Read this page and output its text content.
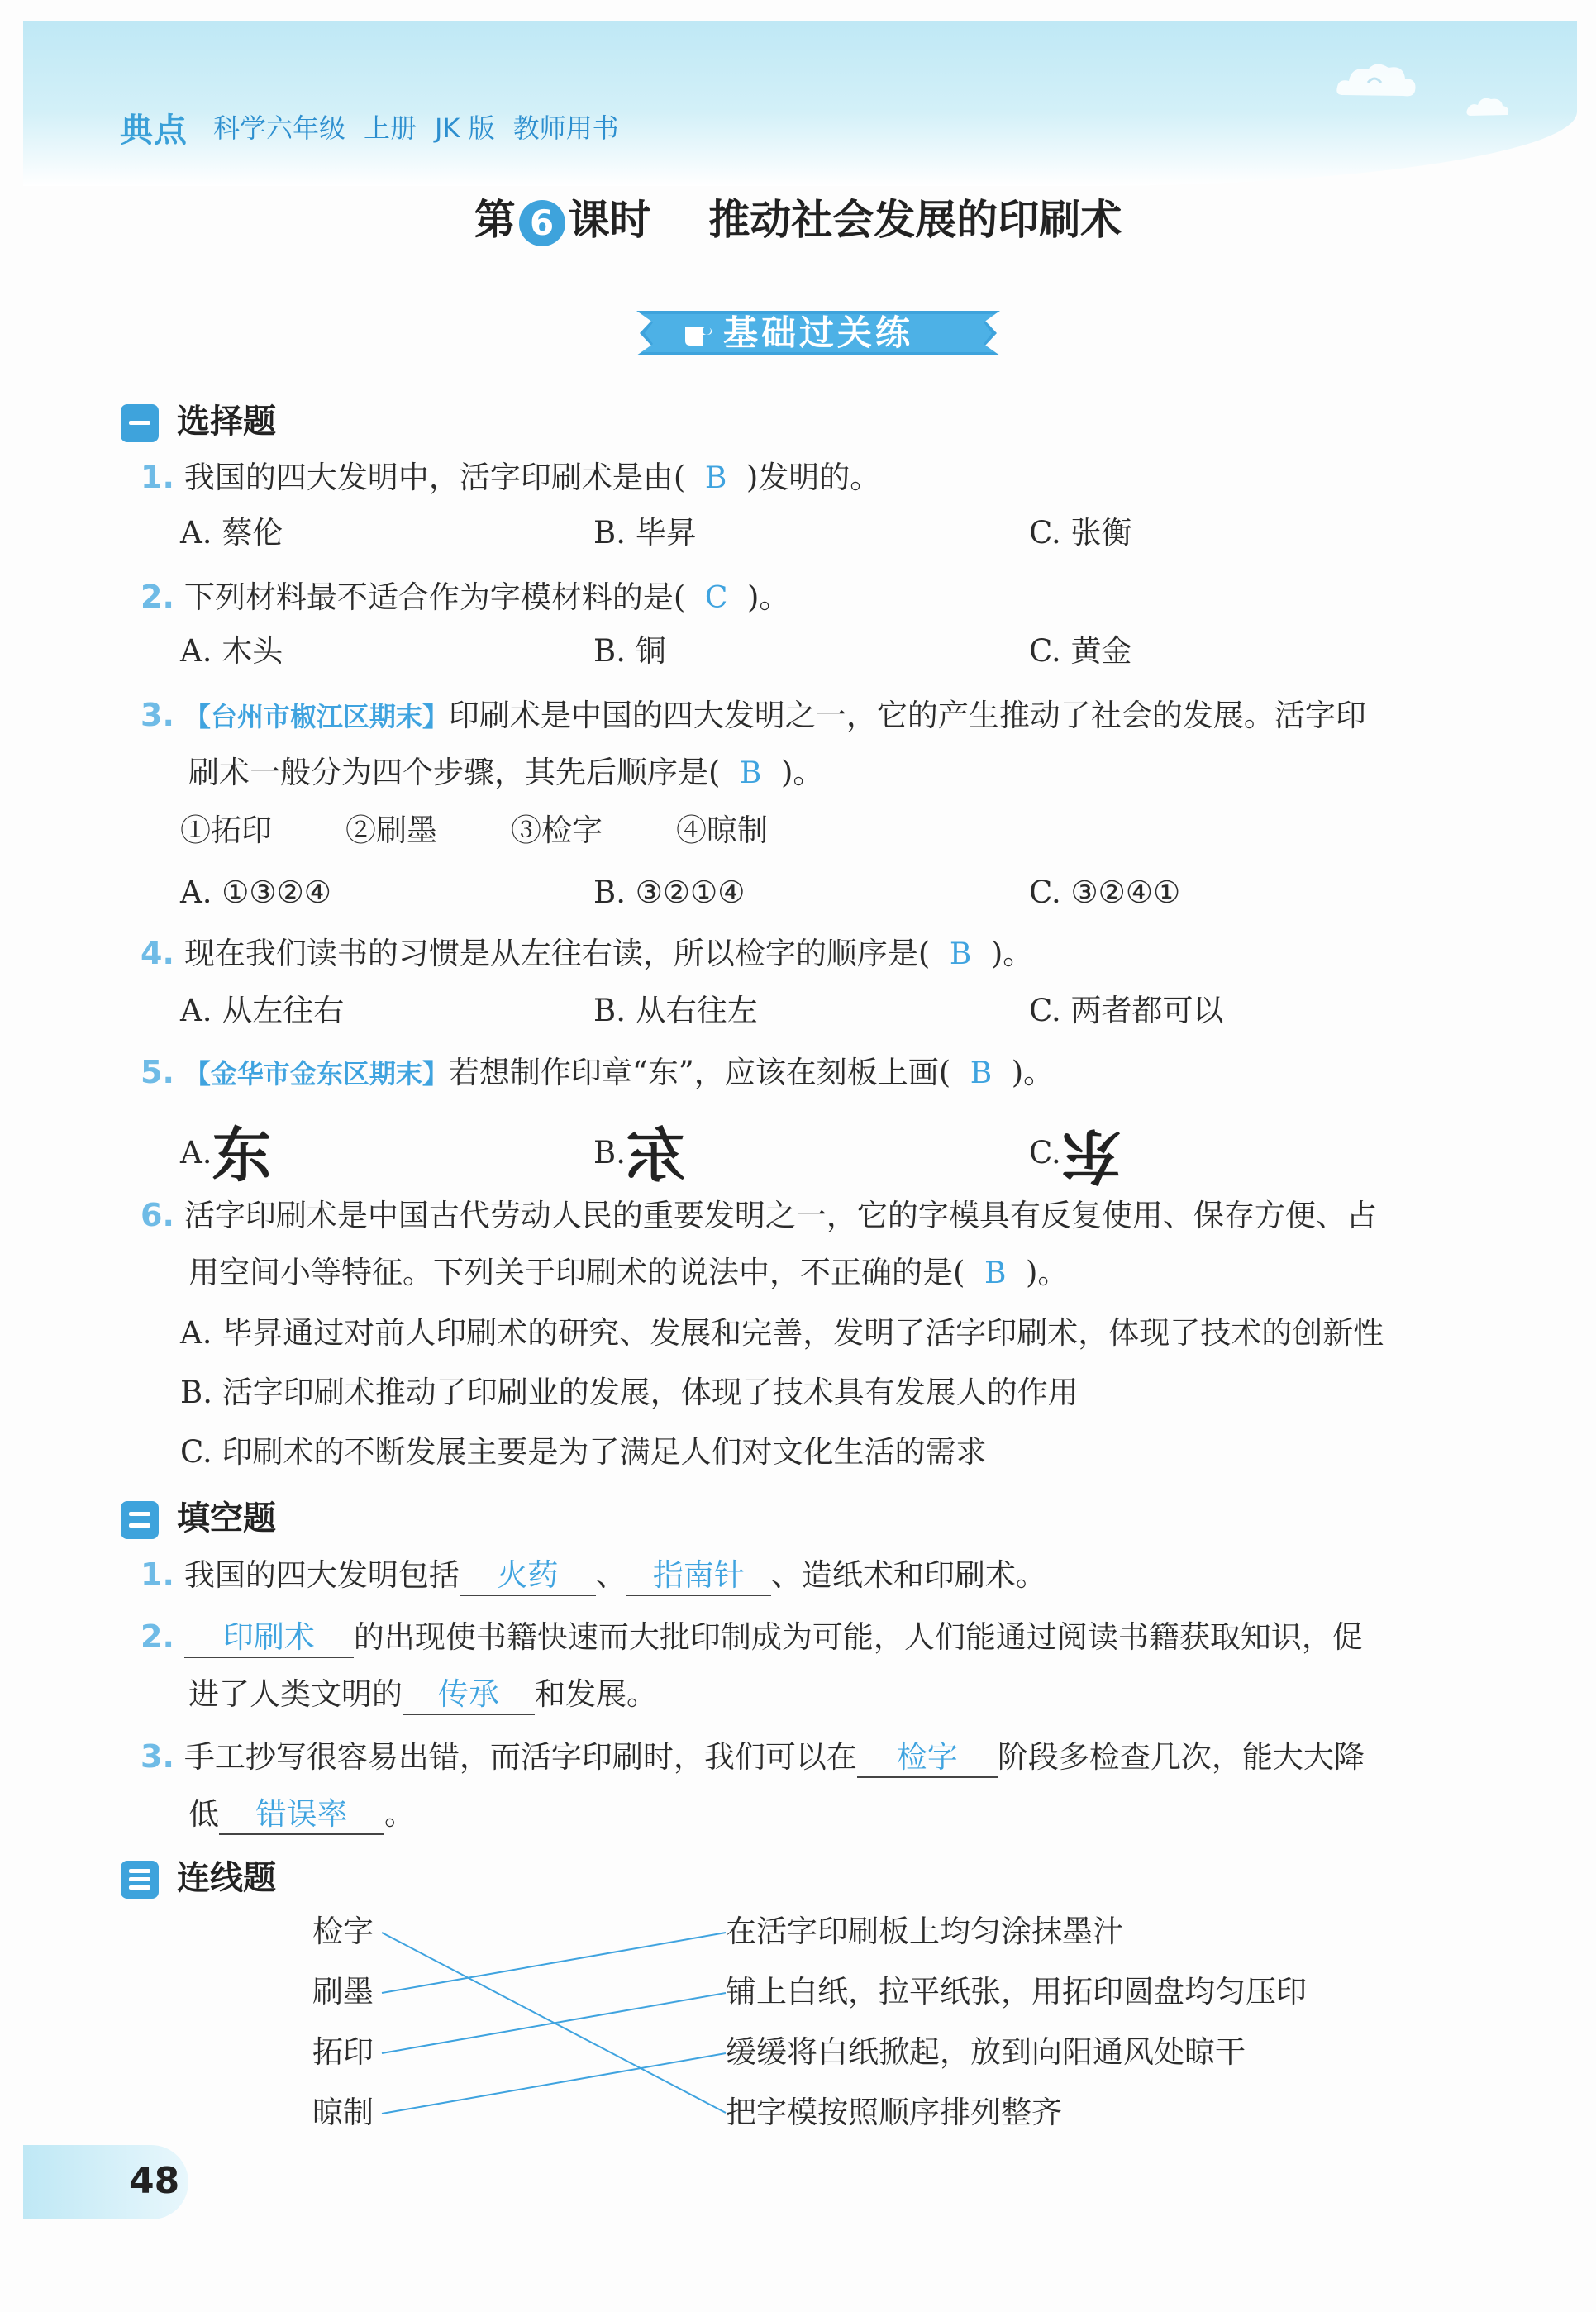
典点 科学六年级 上册 JK 版 教师用书
第 6 课时 推动社会发展的印刷术
基础过关练
选择题
1. 我国的四大发明中，活字印刷术是由( B )发明的。
A. 蔡伦	B. 毕昇	C. 张衡
2. 下列材料最不适合作为字模材料的是( C )。
A. 木头	B. 铜	C. 黄金
3. 【台州市椒江区期末】印刷术是中国的四大发明之一，它的产生推动了社会的发展。活字印
刷术一般分为四个步骤，其先后顺序是( B )。
①拓印 ②刷墨 ③检字 ④晾制
A. ①③②④	B. ③②①④	C. ③②④①
4. 现在我们读书的习惯是从左往右读，所以检字的顺序是( B )。
A. 从左往右	B. 从右往左	C. 两者都可以
5. 【金华市金东区期末】若想制作印章“东”，应该在刻板上画( B )。
A.东	B.东	C.东
6. 活字印刷术是中国古代劳动人民的重要发明之一，它的字模具有反复使用、保存方便、占
用空间小等特征。下列关于印刷术的说法中，不正确的是( B )。
A. 毕昇通过对前人印刷术的研究、发展和完善，发明了活字印刷术，体现了技术的创新性
B. 活字印刷术推动了印刷业的发展，体现了技术具有发展人的作用
C. 印刷术的不断发展主要是为了满足人们对文化生活的需求
填空题
1. 我国的四大发明包括 火药 、 指南针 、造纸术和印刷术。
2. 印刷术 的出现使书籍快速而大批印制成为可能，人们能通过阅读书籍获取知识，促
进了人类文明的 传承 和发展。
3. 手工抄写很容易出错，而活字印刷时，我们可以在 检字 阶段多检查几次，能大大降
低 错误率 。
连线题
检字
刷墨
拓印
晾制
在活字印刷板上均匀涂抹墨汁
铺上白纸，拉平纸张，用拓印圆盘均匀压印
缓缓将白纸掀起，放到向阳通风处晾干
把字模按照顺序排列整齐
48
